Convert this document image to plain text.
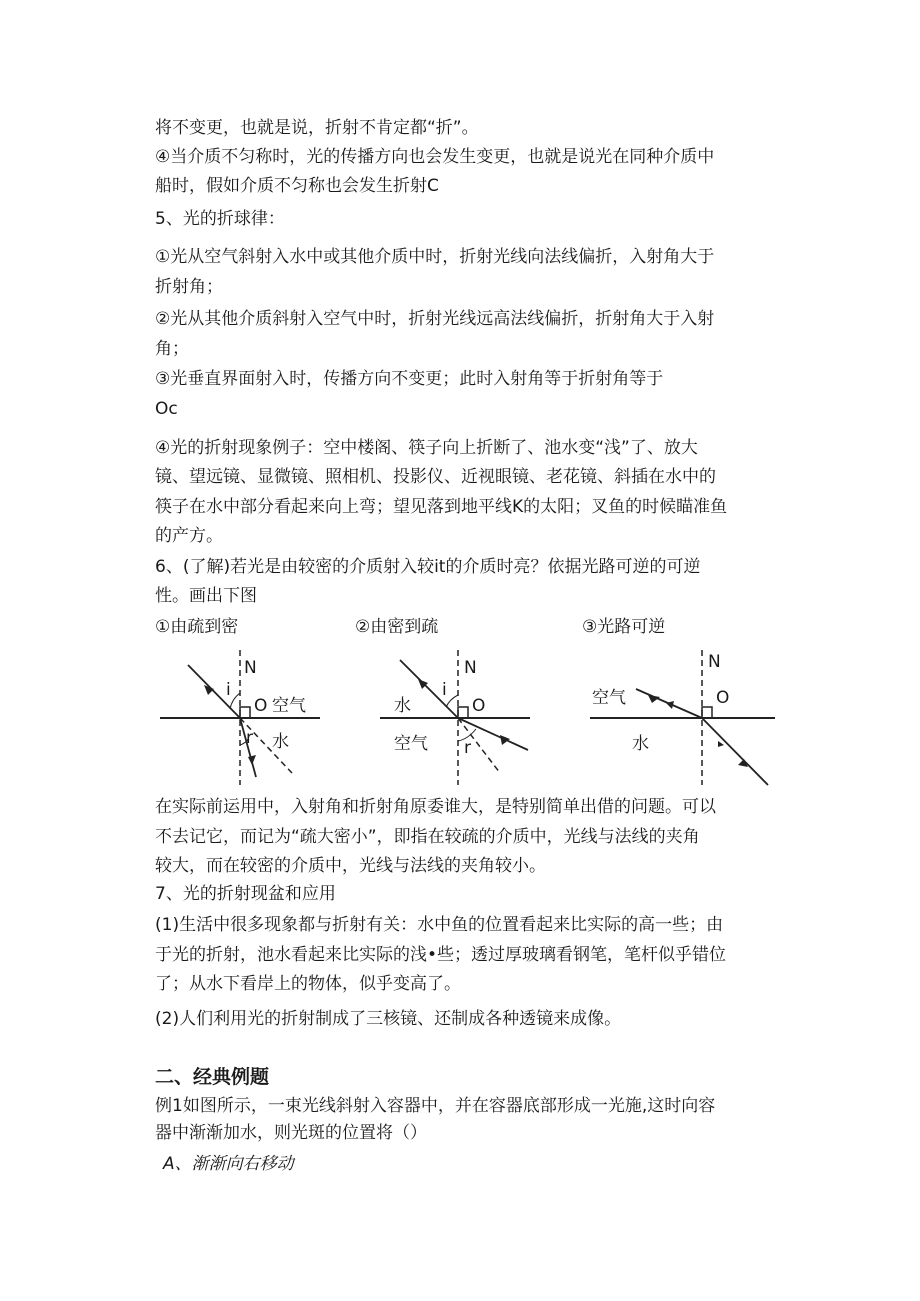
将不变更，也就是说，折射不肯定都“折”。
④当介质不匀称时，光的传播方向也会发生变更，也就是说光在同种介质中
船时，假如介质不匀称也会发生折射C
5、光的折球律：
①光从空气斜射入水中或其他介质中时，折射光线向法线偏折，入射角大于
折射角；
②光从其他介质斜射入空气中时，折射光线远高法线偏折，折射角大于入射
角；
③光垂直界面射入时，传播方向不变更；此时入射角等于折射角等于
Oc
④光的折射现象例子：空中楼阁、筷子向上折断了、池水变“浅”了、放大
镜、望远镜、显微镜、照相机、投影仪、近视眼镜、老花镜、斜插在水中的
筷子在水中部分看起来向上弯；望见落到地平线K的太阳；叉鱼的时候瞄准鱼
的产方。
6、(了解)若光是由较密的介质射入较it的介质时亮？依据光路可逆的可逆
性。画出下图
①由疏到密	②由密到疏	③光路可逆
N
i
O 空气
水
r
N
i
O
水
空气 r
N
O
空气
水
在实际前运用中，入射角和折射角原委谁大，是特别简单出借的问题。可以
不去记它，而记为“疏大密小”，即指在较疏的介质中，光线与法线的夹角
较大，而在较密的介质中，光线与法线的夹角较小。
7、光的折射现盆和应用
(1)生活中很多现象都与折射有关：水中鱼的位置看起来比实际的高一些；由
于光的折射，池水看起来比实际的浅•些；透过厚玻璃看钢笔，笔杆似乎错位
了；从水下看岸上的物体，似乎变高了。
(2)人们利用光的折射制成了三核镜、还制成各种透镜来成像。
二、经典例题
例1如图所示，一束光线斜射入容器中，并在容器底部形成一光施,这时向容
器中渐渐加水，则光斑的位置将（）
A、渐渐向右移动
